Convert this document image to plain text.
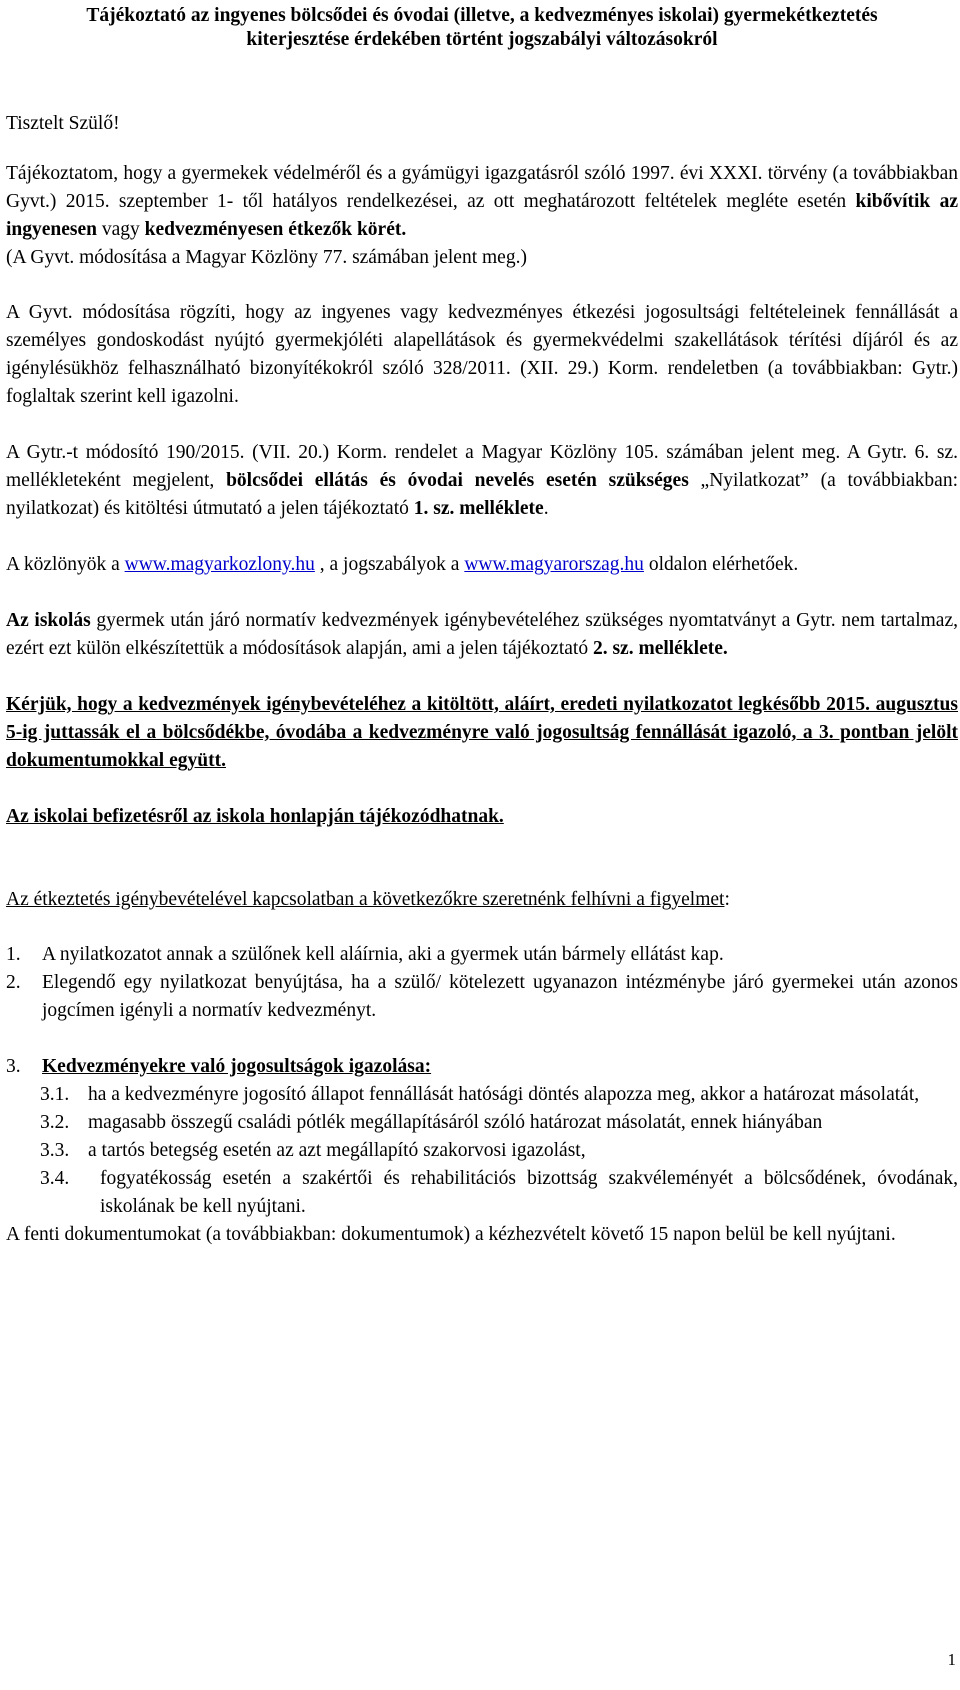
Tájékoztató az ingyenes bölcsődei és óvodai (illetve, a kedvezményes iskolai) gyermekétkeztetés
kiterjesztése érdekében történt jogszabályi változásokról

Tisztelt Szülő!

Tájékoztatom, hogy a gyermekek védelméről és a gyámügyi igazgatásról szóló 1997. évi XXXI. törvény (a továbbiakban Gyvt.) 2015. szeptember 1- től hatályos rendelkezései, az ott meghatározott feltételek megléte esetén kibővítik az ingyenesen vagy kedvezményesen étkezők körét.

(A Gyvt. módosítása a Magyar Közlöny 77. számában jelent meg.)

A Gyvt. módosítása rögzíti, hogy az ingyenes vagy kedvezményes étkezési jogosultsági feltételeinek fennállását a személyes gondoskodást nyújtó gyermekjóléti alapellátások és gyermekvédelmi szakellátások térítési díjáról és az igénylésükhöz felhasználható bizonyítékokról szóló 328/2011. (XII. 29.) Korm. rendeletben (a továbbiakban: Gytr.) foglaltak szerint kell igazolni.

A Gytr.-t módosító 190/2015. (VII. 20.) Korm. rendelet a Magyar Közlöny 105. számában jelent meg. A Gytr. 6. sz. mellékleteként megjelent, bölcsődei ellátás és óvodai nevelés esetén szükséges „Nyilatkozat” (a továbbiakban: nyilatkozat) és kitöltési útmutató a jelen tájékoztató 1. sz. melléklete.

A közlönyök a www.magyarkozlony.hu , a jogszabályok a www.magyarorszag.hu oldalon elérhetőek.

Az iskolás gyermek után járó normatív kedvezmények igénybevételéhez szükséges nyomtatványt a Gytr. nem tartalmaz, ezért ezt külön elkészítettük a módosítások alapján, ami a jelen tájékoztató 2. sz. melléklete.

Kérjük, hogy a kedvezmények igénybevételéhez a kitöltött, aláírt, eredeti nyilatkozatot legkésőbb 2015. augusztus 5-ig juttassák el a bölcsődékbe, óvodába a kedvezményre való jogosultság fennállását igazoló, a 3. pontban jelölt dokumentumokkal együtt.

Az iskolai befizetésről az iskola honlapján tájékozódhatnak.

Az étkeztetés igénybevételével kapcsolatban a következőkre szeretnénk felhívni a figyelmet:

1.	A nyilatkozatot annak a szülőnek kell aláírnia, aki a gyermek után bármely ellátást kap.
2.	Elegendő egy nyilatkozat benyújtása, ha a szülő/ kötelezett ugyanazon intézménybe járó gyermekei után azonos jogcímen igényli a normatív kedvezményt.
3.	Kedvezményekre való jogosultságok igazolása:
3.1. ha a kedvezményre jogosító állapot fennállását hatósági döntés alapozza meg, akkor a határozat másolatát,
3.2. magasabb összegű családi pótlék megállapításáról szóló határozat másolatát, ennek hiányában
3.3. a tartós betegség esetén az azt megállapító szakorvosi igazolást,
3.4.	fogyatékosság esetén a szakértői és rehabilitációs bizottság szakvéleményét a bölcsődének, óvodának, iskolának be kell nyújtani.

A fenti dokumentumokat (a továbbiakban: dokumentumok) a kézhezvételt követő 15 napon belül be kell nyújtani.

1
